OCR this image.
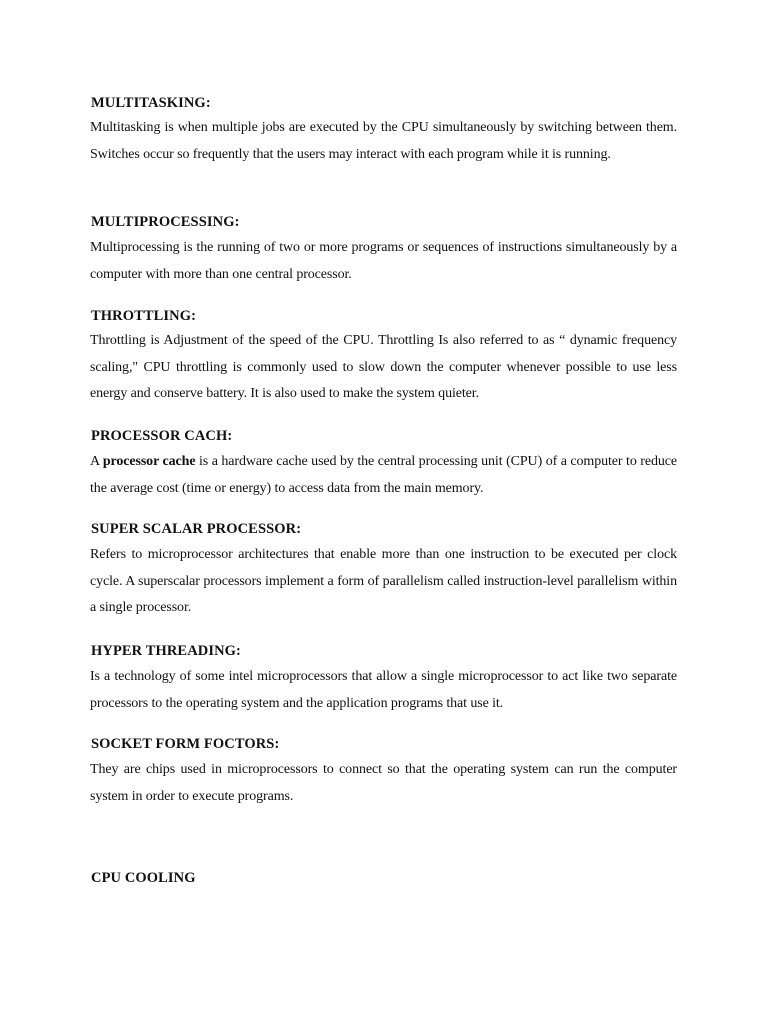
MULTITASKING:

Multitasking is when multiple jobs are executed by the CPU simultaneously by switching between them. Switches occur so frequently that the users may interact with each program while it is running.

MULTIPROCESSING:

Multiprocessing is the running of two or more programs or sequences of instructions simultaneously by a computer with more than one central processor.

THROTTLING:

Throttling is Adjustment of the speed of the CPU. Throttling Is also referred to as “ dynamic frequency scaling," CPU throttling is commonly used to slow down the computer whenever possible to use less energy and conserve battery. It is also used to make the system quieter.

PROCESSOR CACH:

A processor cache is a hardware cache used by the central processing unit (CPU) of a computer to reduce the average cost (time or energy) to access data from the main memory.

SUPER SCALAR PROCESSOR:

Refers to microprocessor architectures that enable more than one instruction to be executed per clock cycle. A superscalar processors implement a form of parallelism called instruction-level parallelism within a single processor.

HYPER THREADING:

Is a technology of some intel microprocessors that allow a single microprocessor to act like two separate processors to the operating system and the application programs that use it.

SOCKET FORM FOCTORS:

They are chips used in microprocessors to connect so that the operating system can run the computer system in order to execute programs.

CPU COOLING
